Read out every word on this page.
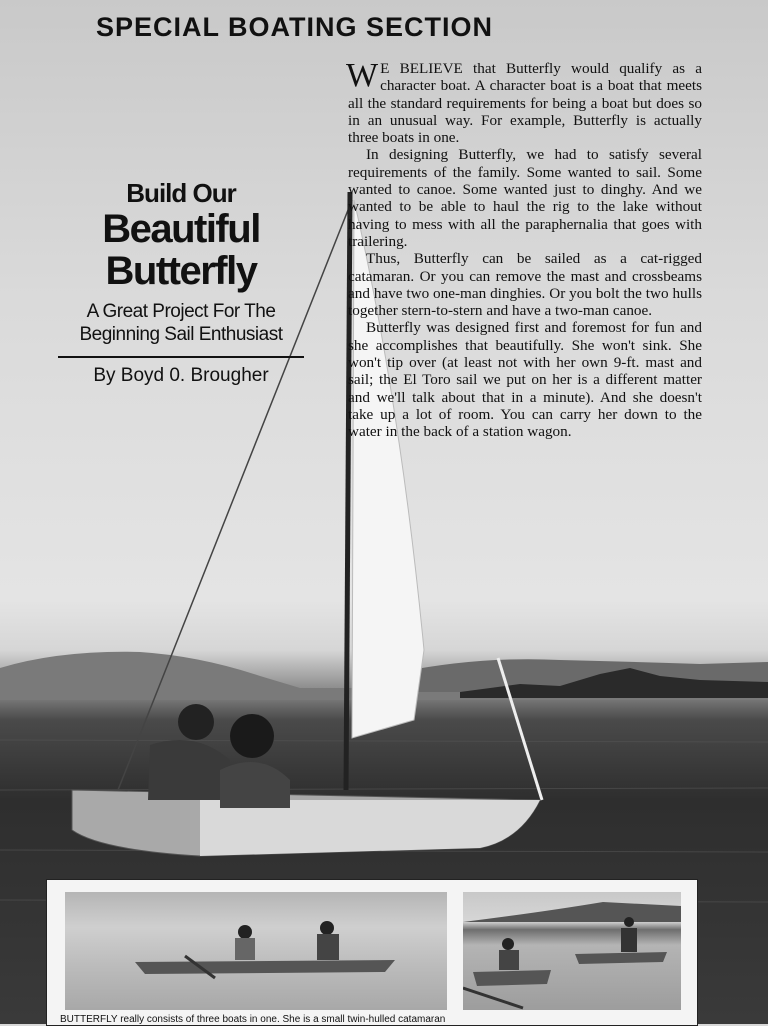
SPECIAL BOATING SECTION
Build Our
Beautiful
Butterfly
A Great Project For The
Beginning Sail Enthusiast
By Boyd 0. Brougher

W E BELIEVE that Butterfly would qualify as a character boat. A character boat is a boat that meets all the standard requirements for being a boat but does so in an unusual way. For example, Butterfly is actually three boats in one.

In designing Butterfly, we had to satisfy several requirements of the family. Some wanted to sail. Some wanted to canoe. Some wanted just to dinghy. And we wanted to be able to haul the rig to the lake without having to mess with all the paraphernalia that goes with trailering.

Thus, Butterfly can be sailed as a cat-rigged catamaran. Or you can remove the mast and crossbeams and have two one-man dinghies. Or you bolt the two hulls together stern-to-stern and have a two-man canoe.

Butterfly was designed first and foremost for fun and she accomplishes that beautifully. She won't sink. She won't tip over (at least not with her own 9-ft. mast and sail; the El Toro sail we put on her is a different matter and we'll talk about that in a minute). And she doesn't take up a lot of room. You can carry her down to the water in the back of a station wagon.

BUTTERFLY really consists of three boats in one. She is a small twin-hulled catamaran
